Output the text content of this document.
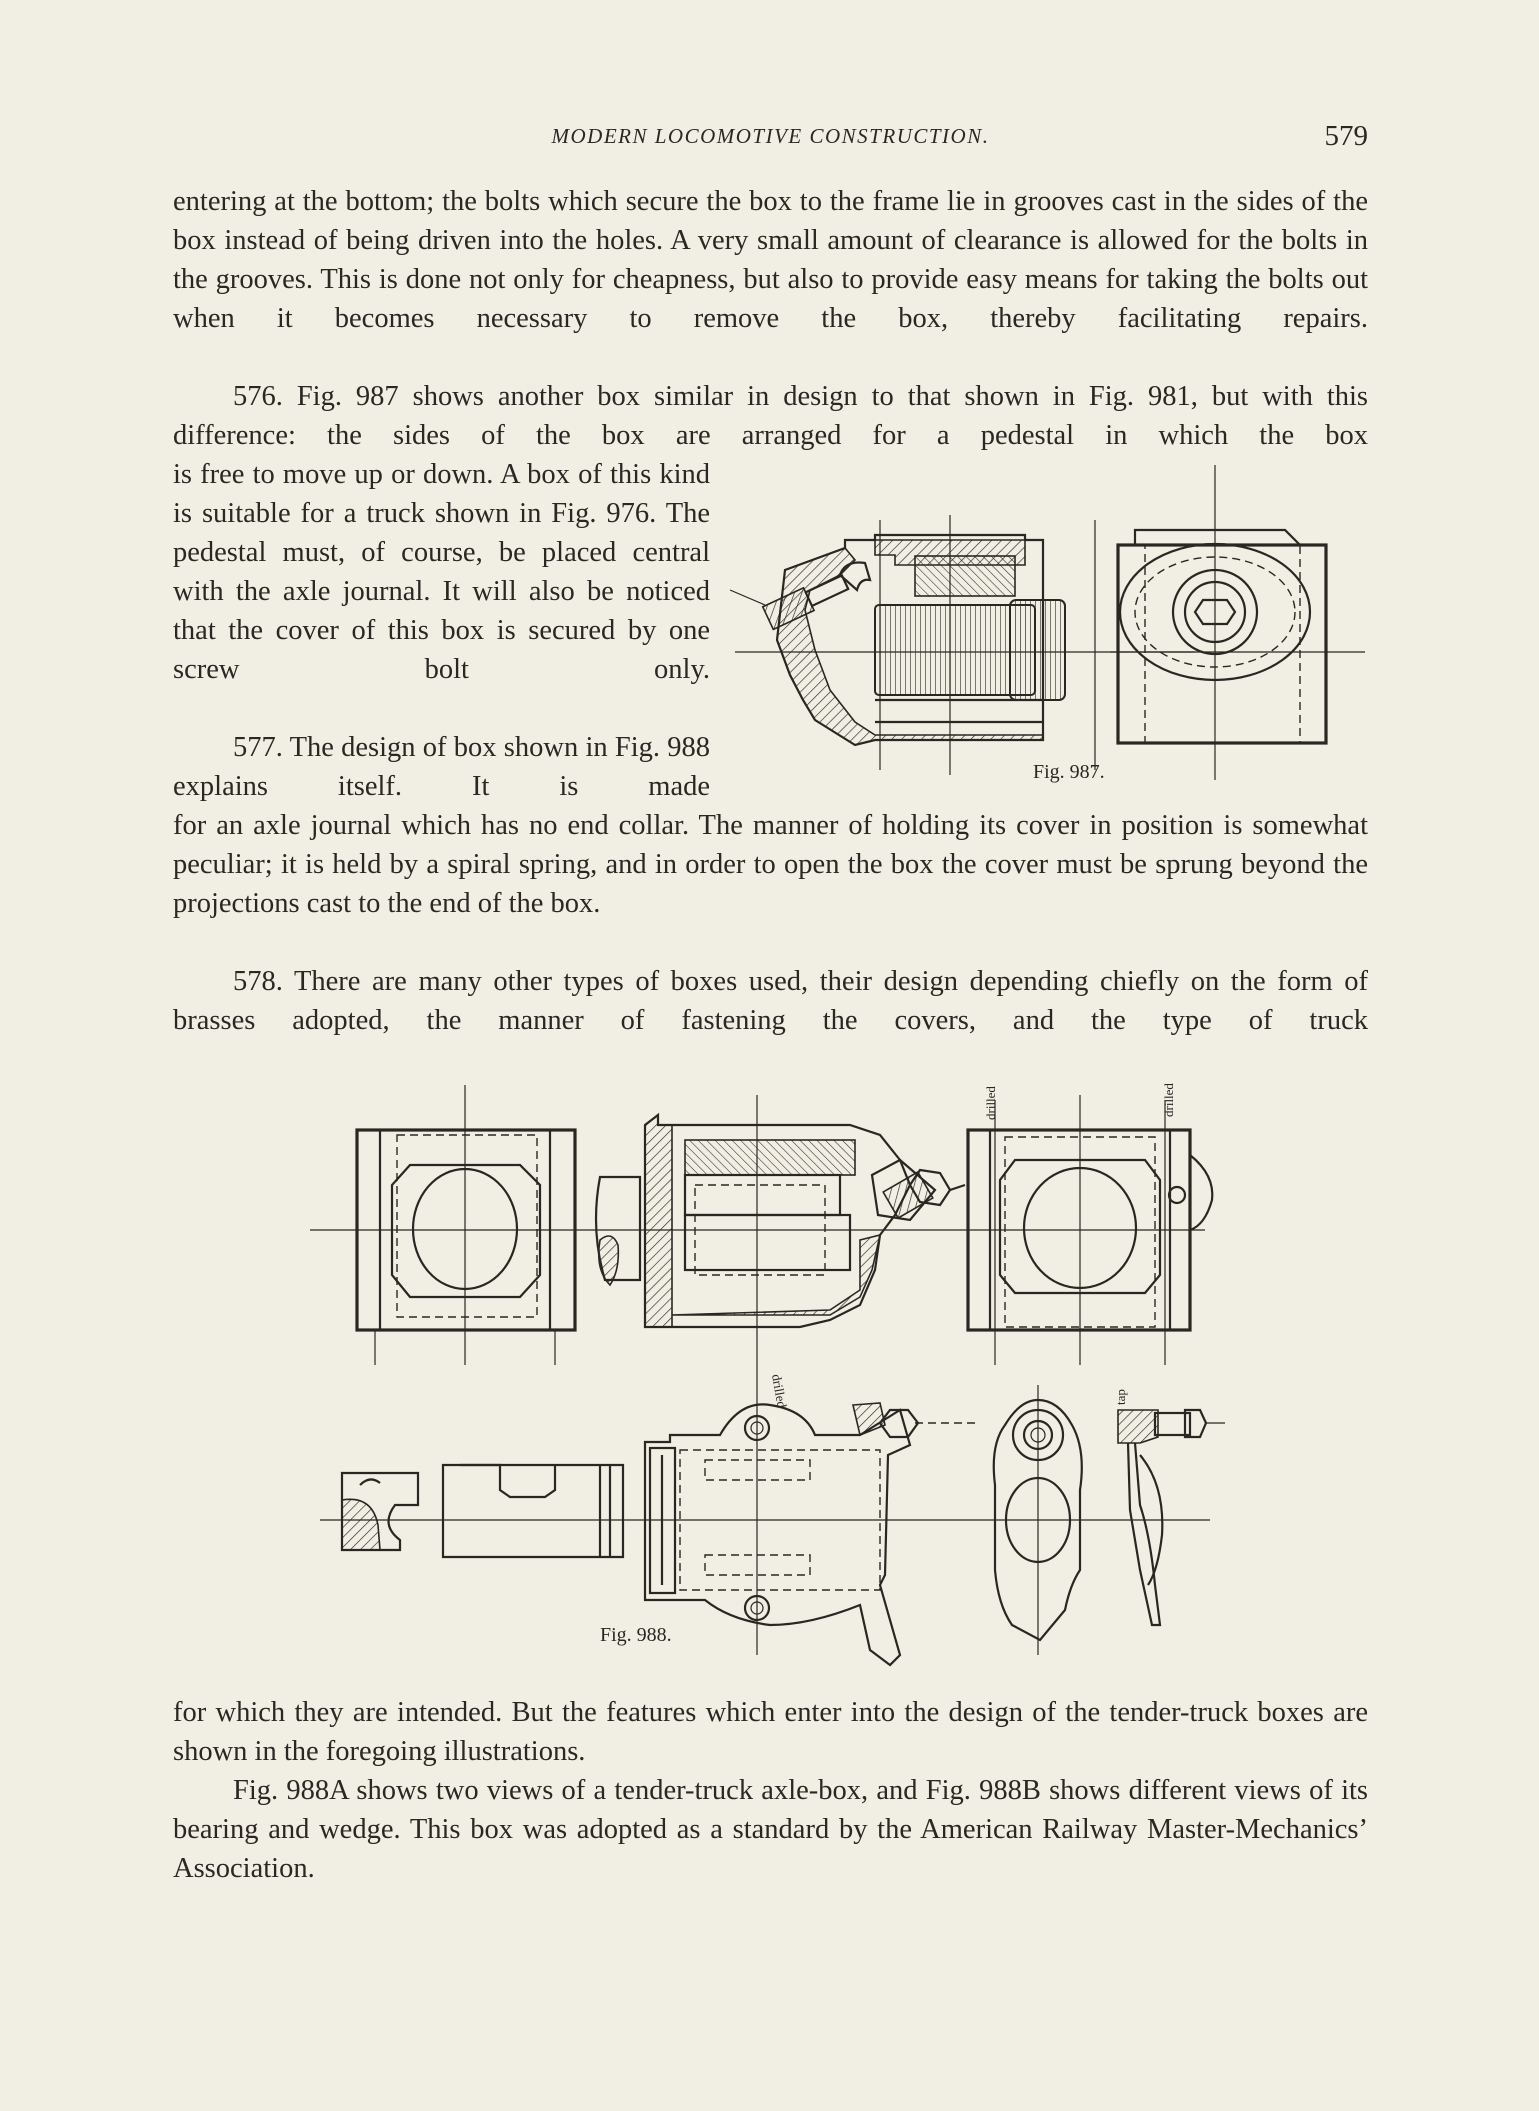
MODERN LOCOMOTIVE CONSTRUCTION.	579

entering at the bottom; the bolts which secure the box to the frame lie in grooves cast in the sides of the box instead of being driven into the holes. A very small amount of clearance is allowed for the bolts in the grooves. This is done not only for cheapness, but also to provide easy means for taking the bolts out when it becomes necessary to remove the box, thereby facilitating repairs.

576. Fig. 987 shows another box similar in design to that shown in Fig. 981, but with this difference: the sides of the box are arranged for a pedestal in which the box

is free to move up or down. A box of this kind is suitable for a truck shown in Fig. 976. The pedestal must, of course, be placed central with the axle journal. It will also be noticed that the cover of this box is secured by one screw bolt only.

577. The design of box shown in Fig. 988 explains itself. It is made

for an axle journal which has no end collar. The manner of holding its cover in position is somewhat peculiar; it is held by a spiral spring, and in order to open the box the cover must be sprung beyond the projections cast to the end of the box.

578. There are many other types of boxes used, their design depending chiefly on the form of brasses adopted, the manner of fastening the covers, and the type of truck

for which they are intended. But the features which enter into the design of the tender-truck boxes are shown in the foregoing illustrations.

Fig. 988A shows two views of a tender-truck axle-box, and Fig. 988B shows different views of its bearing and wedge. This box was adopted as a standard by the American Railway Master-Mechanics’ Association.

Fig. 987.
drilled	drilled
drilled	tap
Fig. 988.
